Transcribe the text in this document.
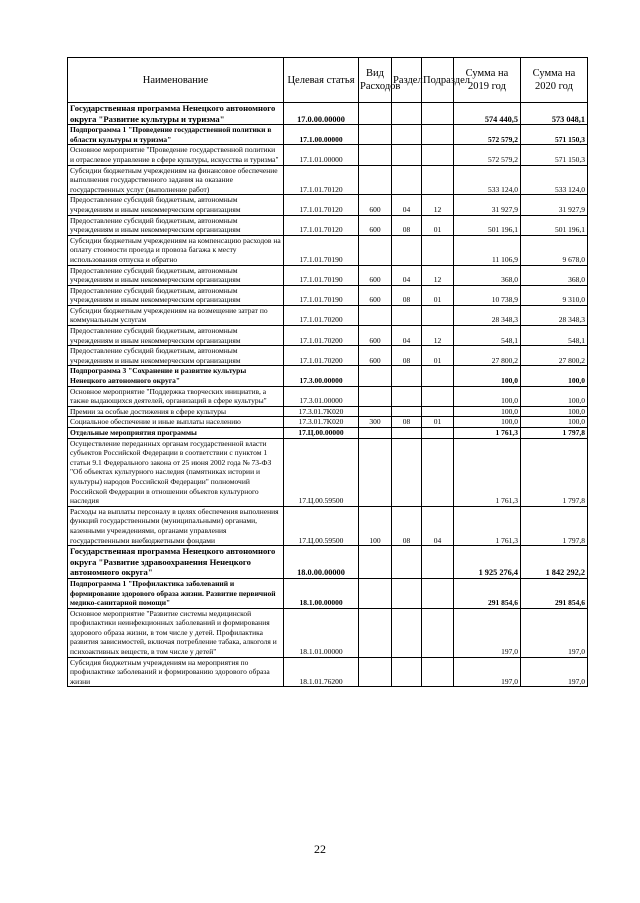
Наименование	Целевая статья	Вид Расходов	Раздел	Подраздел	Сумма на 2019 год	Сумма на 2020 год
Государственная программа Ненецкого автономного округа "Развитие культуры и туризма"	17.0.00.00000				574 440,5	573 048,1
Подпрограмма 1 "Проведение государственной политики в области культуры и туризма"	17.1.00.00000				572 579,2	571 150,3
Основное мероприятие "Проведение государственной политики и отраслевое управление в сфере культуры, искусства и туризма"	17.1.01.00000				572 579,2	571 150,3
Субсидии бюджетным учреждениям на финансовое обеспечение выполнения государственного задания на оказание государственных услуг (выполнение работ)	17.1.01.70120				533 124,0	533 124,0
Предоставление субсидий бюджетным, автономным учреждениям и иным некоммерческим организациям	17.1.01.70120	600	04	12	31 927,9	31 927,9
Предоставление субсидий бюджетным, автономным учреждениям и иным некоммерческим организациям	17.1.01.70120	600	08	01	501 196,1	501 196,1
Субсидии бюджетным учреждениям на компенсацию расходов на оплату стоимости проезда и провоза багажа к месту использования отпуска и обратно	17.1.01.70190				11 106,9	9 678,0
Предоставление субсидий бюджетным, автономным учреждениям и иным некоммерческим организациям	17.1.01.70190	600	04	12	368,0	368,0
Предоставление субсидий бюджетным, автономным учреждениям и иным некоммерческим организациям	17.1.01.70190	600	08	01	10 738,9	9 310,0
Субсидии бюджетным учреждениям на возмещение затрат по коммунальным услугам	17.1.01.70200				28 348,3	28 348,3
Предоставление субсидий бюджетным, автономным учреждениям и иным некоммерческим организациям	17.1.01.70200	600	04	12	548,1	548,1
Предоставление субсидий бюджетным, автономным учреждениям и иным некоммерческим организациям	17.1.01.70200	600	08	01	27 800,2	27 800,2
Подпрограмма 3 "Сохранение и развитие культуры Ненецкого автономного округа"	17.3.00.00000				100,0	100,0
Основное мероприятие "Поддержка творческих инициатив, а также выдающихся деятелей, организаций в сфере культуры"	17.3.01.00000				100,0	100,0
Премии за особые достижения в сфере культуры	17.3.01.7K020				100,0	100,0
Социальное обеспечение и иные выплаты населению	17.3.01.7K020	300	08	01	100,0	100,0
Отдельные мероприятия программы	17.Ц.00.00000				1 761,3	1 797,8
Осуществление переданных органам государственной власти субъектов Российской Федерации в соответствии с пунктом 1 статьи 9.1 Федерального закона от 25 июня 2002 года № 73-ФЗ "Об объектах культурного наследия (памятниках истории и культуры) народов Российской Федерации" полномочий Российской Федерации в отношении объектов культурного наследия	17.Ц.00.59500				1 761,3	1 797,8
Расходы на выплаты персоналу в целях обеспечения выполнения функций государственными (муниципальными) органами, казенными учреждениями, органами управления государственными внебюджетными фондами	17.Ц.00.59500	100	08	04	1 761,3	1 797,8
Государственная программа Ненецкого автономного округа "Развитие здравоохранения Ненецкого автономного округа"	18.0.00.00000				1 925 276,4	1 842 292,2
Подпрограмма 1 "Профилактика заболеваний и формирование здорового образа жизни. Развитие первичной медико-санитарной помощи"	18.1.00.00000				291 854,6	291 854,6
Основное мероприятие "Развитие системы медицинской профилактики неинфекционных заболеваний и формирования здорового образа жизни, в том числе у детей. Профилактика развития зависимостей, включая потребление табака, алкоголя и психоактивных веществ, в том числе у детей"	18.1.01.00000				197,0	197,0
Субсидия бюджетным учреждениям на мероприятия по профилактике заболеваний и формированию здорового образа жизни	18.1.01.76200				197,0	197,0
22
